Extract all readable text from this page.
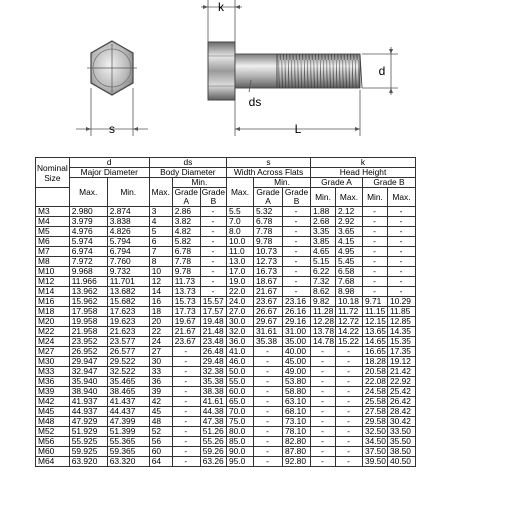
s
k
d
ds
L
Nominal Size	d		ds			s			k			
	Major Diameter		Body Diameter			Width Across Flats			Head Height			
	Max.	Min.	Max.	Min.		Max.	Min.		Grade A		Grade B	
				Grade A	Grade B		Grade A	Grade B	Min.	Max.	Min.	Max.

M3	2.980	2.874	3	2.86	-	5.5	5.32	-	1.88	2.12	-	-
M4	3.979	3.838	4	3.82	-	7.0	6.78	-	2.68	2.92	-	-
M5	4.976	4.826	5	4.82	-	8.0	7.78	-	3.35	3.65	-	-
M6	5.974	5.794	6	5.82	-	10.0	9.78	-	3.85	4.15	-	-
M7	6.974	6.794	7	6.78	-	11.0	10.73	-	4.65	4.95	-	-
M8	7.972	7.760	8	7.78	-	13.0	12.73	-	5.15	5.45	-	-
M10	9.968	9.732	10	9.78	-	17.0	16.73	-	6.22	6.58	-	-
M12	11.966	11.701	12	11.73	-	19.0	18.67	-	7.32	7.68	-	-
M14	13.962	13.682	14	13.73	-	22.0	21.67	-	8.62	8.98	-	-
M16	15.962	15.682	16	15.73	15.57	24.0	23.67	23.16	9.82	10.18	9.71	10.29
M18	17.958	17.623	18	17.73	17.57	27.0	26.67	26.16	11.28	11.72	11.15	11.85
M20	19.958	19.623	20	19.67	19.48	30.0	29.67	29.16	12.28	12.72	12.15	12.85
M22	21.958	21.623	22	21.67	21.48	32.0	31.61	31.00	13.78	14.22	13.65	14.35
M24	23.952	23.577	24	23.67	23.48	36.0	35.38	35.00	14.78	15.22	14.65	15.35
M27	26.952	26.577	27	-	26.48	41.0	-	40.00	-	-	16.65	17.35
M30	29.947	29.522	30	-	29.48	46.0	-	45.00	-	-	18.28	19.12
M33	32.947	32.522	33	-	32.38	50.0	-	49.00	-	-	20.58	21.42
M36	35.940	35.465	36	-	35.38	55.0	-	53.80	-	-	22.08	22.92
M39	38.940	38.465	39	-	38.38	60.0	-	58.80	-	-	24.58	25.42
M42	41.937	41.437	42	-	41.61	65.0	-	63.10	-	-	25.58	26.42
M45	44.937	44.437	45	-	44.38	70.0	-	68.10	-	-	27.58	28.42
M48	47.929	47.399	48	-	47.38	75.0	-	73.10	-	-	29.58	30.42
M52	51.929	51.399	52	-	51.26	80.0	-	78.10	-	-	32.50	33.50
M56	55.925	55.365	56	-	55.26	85.0	-	82.80	-	-	34.50	35.50
M60	59.925	59.365	60	-	59.26	90.0	-	87.80	-	-	37.50	38.50
M64	63.920	63.320	64	-	63.26	95.0	-	92.80	-	-	39.50	40.50
